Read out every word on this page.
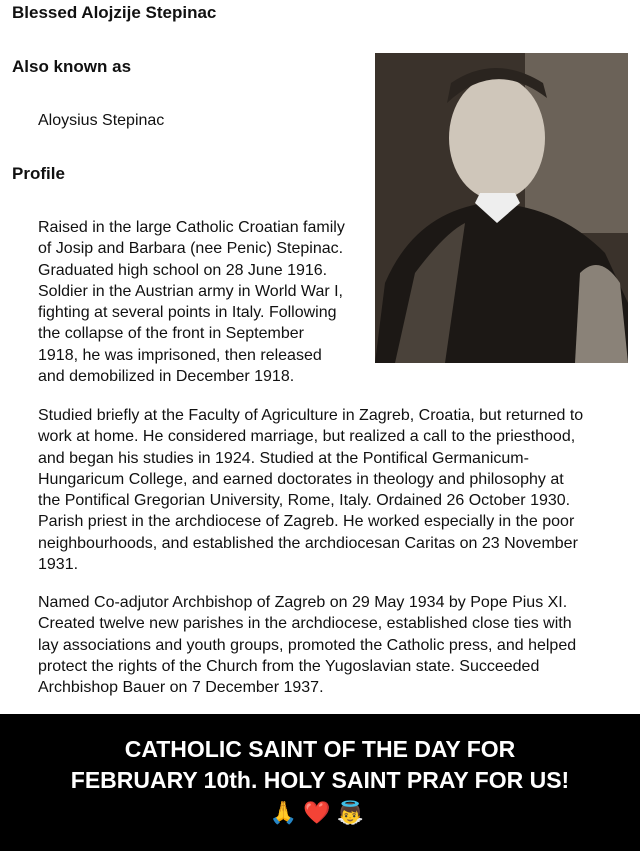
Blessed Alojzije Stepinac
Also known as
Aloysius Stepinac
Profile
Raised in the large Catholic Croatian family
of Josip and Barbara (nee Penic) Stepinac.
Graduated high school on 28 June 1916.
Soldier in the Austrian army in World War I,
fighting at several points in Italy. Following
the collapse of the front in September
1918, he was imprisoned, then released
and demobilized in December 1918.
Studied briefly at the Faculty of Agriculture in Zagreb, Croatia, but returned to
work at home. He considered marriage, but realized a call to the priesthood,
and began his studies in 1924. Studied at the Pontifical Germanicum-
Hungaricum College, and earned doctorates in theology and philosophy at
the Pontifical Gregorian University, Rome, Italy. Ordained 26 October 1930.
Parish priest in the archdiocese of Zagreb. He worked especially in the poor
neighbourhoods, and established the archdiocesan Caritas on 23 November
1931.
Named Co-adjutor Archbishop of Zagreb on 29 May 1934 by Pope Pius XI.
Created twelve new parishes in the archdiocese, established close ties with
lay associations and youth groups, promoted the Catholic press, and helped
protect the rights of the Church from the Yugoslavian state. Succeeded
Archbishop Bauer on 7 December 1937.
CATHOLIC SAINT OF THE DAY FOR
FEBRUARY 10th. HOLY SAINT PRAY FOR US!
🙏❤️👼
